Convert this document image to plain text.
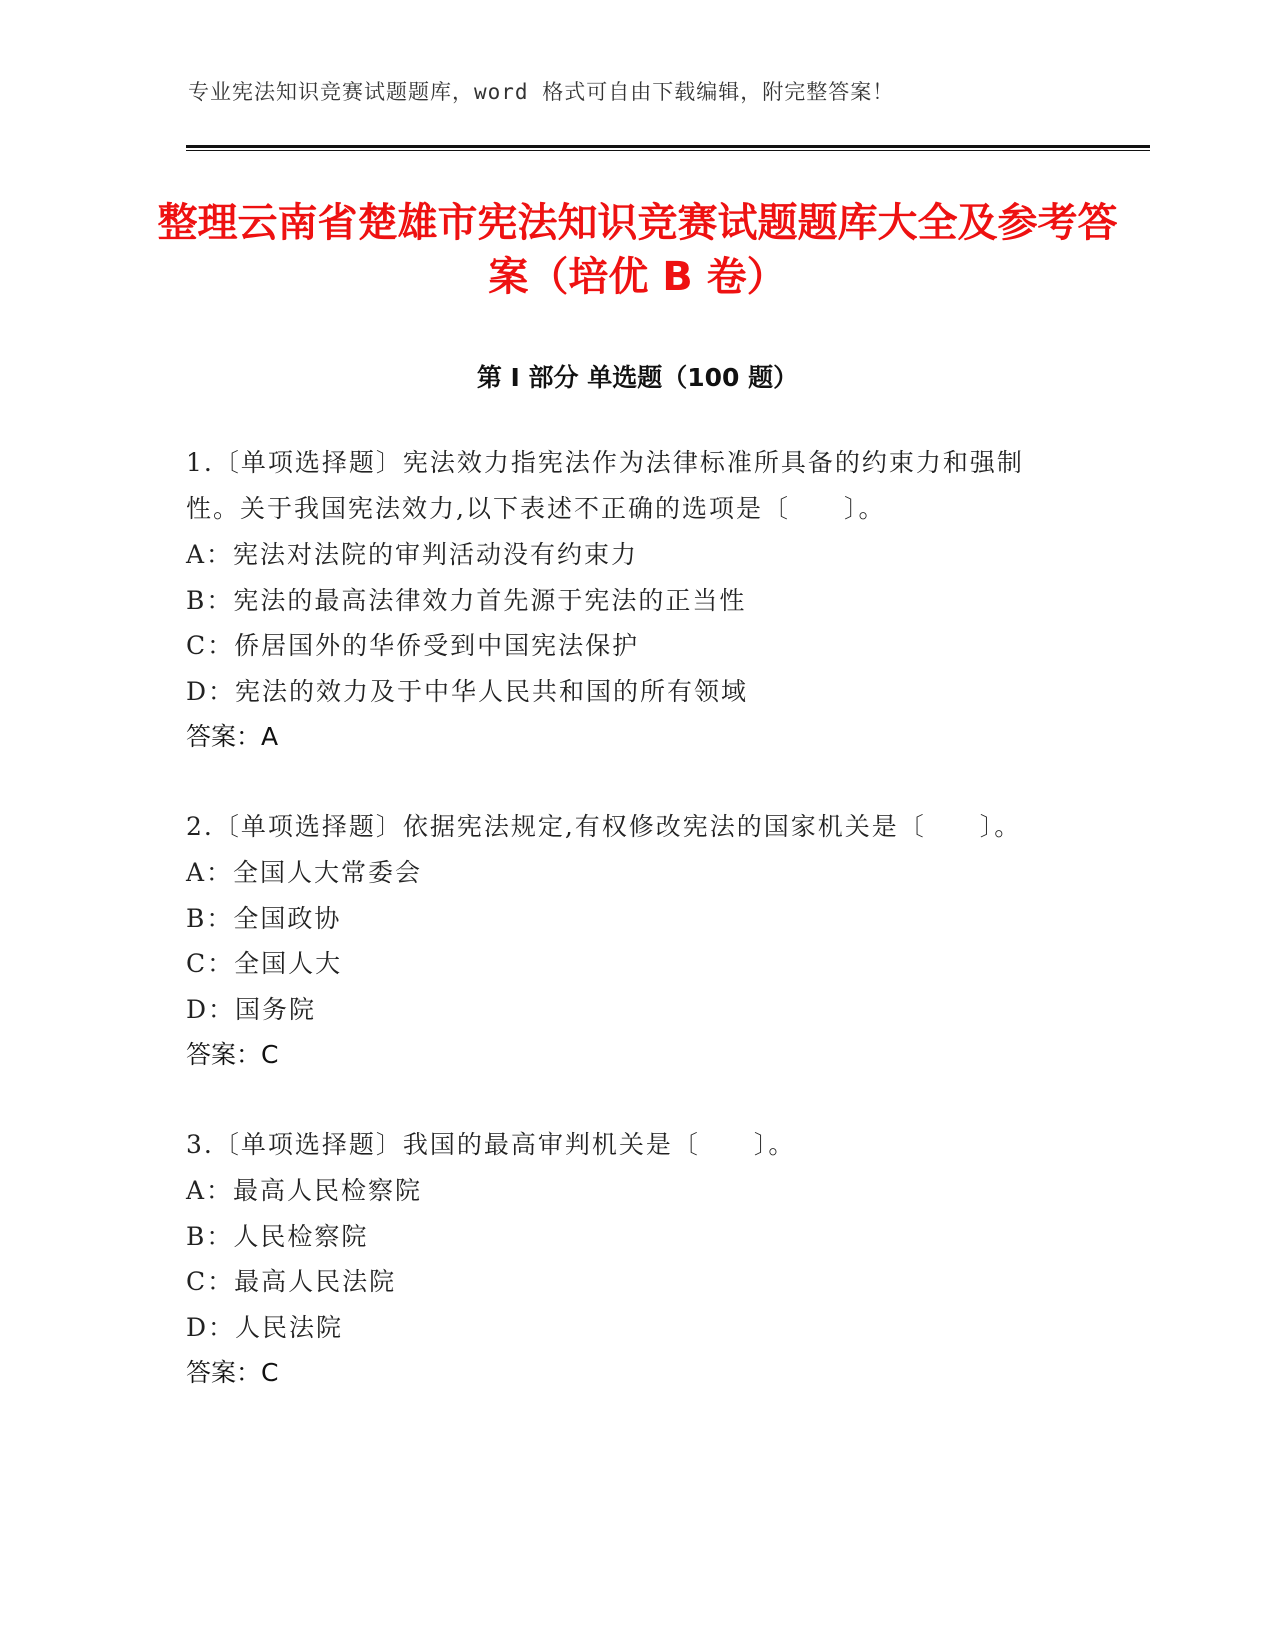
专业宪法知识竞赛试题题库，word 格式可自由下载编辑，附完整答案！
整理云南省楚雄市宪法知识竞赛试题题库大全及参考答案（培优 B 卷）
第 I 部分 单选题（100 题）

1.〔单项选择题〕宪法效力指宪法作为法律标准所具备的约束力和强制性。关于我国宪法效力,以下表述不正确的选项是〔　　〕。

A：宪法对法院的审判活动没有约束力

B：宪法的最高法律效力首先源于宪法的正当性

C：侨居国外的华侨受到中国宪法保护

D：宪法的效力及于中华人民共和国的所有领域

答案：A

2.〔单项选择题〕依据宪法规定,有权修改宪法的国家机关是〔　　〕。

A：全国人大常委会

B：全国政协

C：全国人大

D：国务院

答案：C

3.〔单项选择题〕我国的最高审判机关是〔　　〕。

A：最高人民检察院

B：人民检察院

C：最高人民法院

D：人民法院

答案：C
